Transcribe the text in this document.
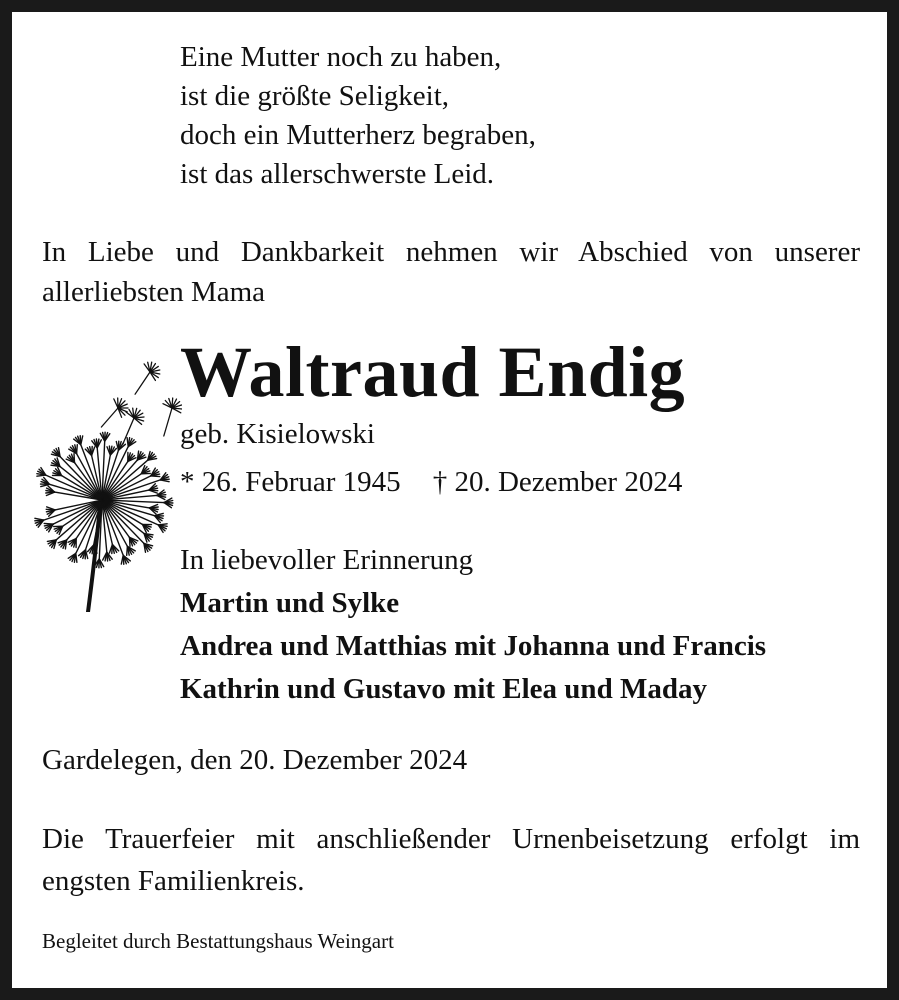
Eine Mutter noch zu haben,
ist die größte Seligkeit,
doch ein Mutterherz begraben,
ist das allerschwerste Leid.

In Liebe und Dankbarkeit nehmen wir Abschied von unserer allerliebsten Mama

Waltraud Endig
geb. Kisielowski
* 26. Februar 1945 † 20. Dezember 2024
In liebevoller Erinnerung
Martin und Sylke
Andrea und Matthias mit Johanna und Francis
Kathrin und Gustavo mit Elea und Maday
Gardelegen, den 20. Dezember 2024

Die Trauerfeier mit anschließender Urnenbeisetzung erfolgt im engsten Familienkreis.

Begleitet durch Bestattungshaus Weingart
